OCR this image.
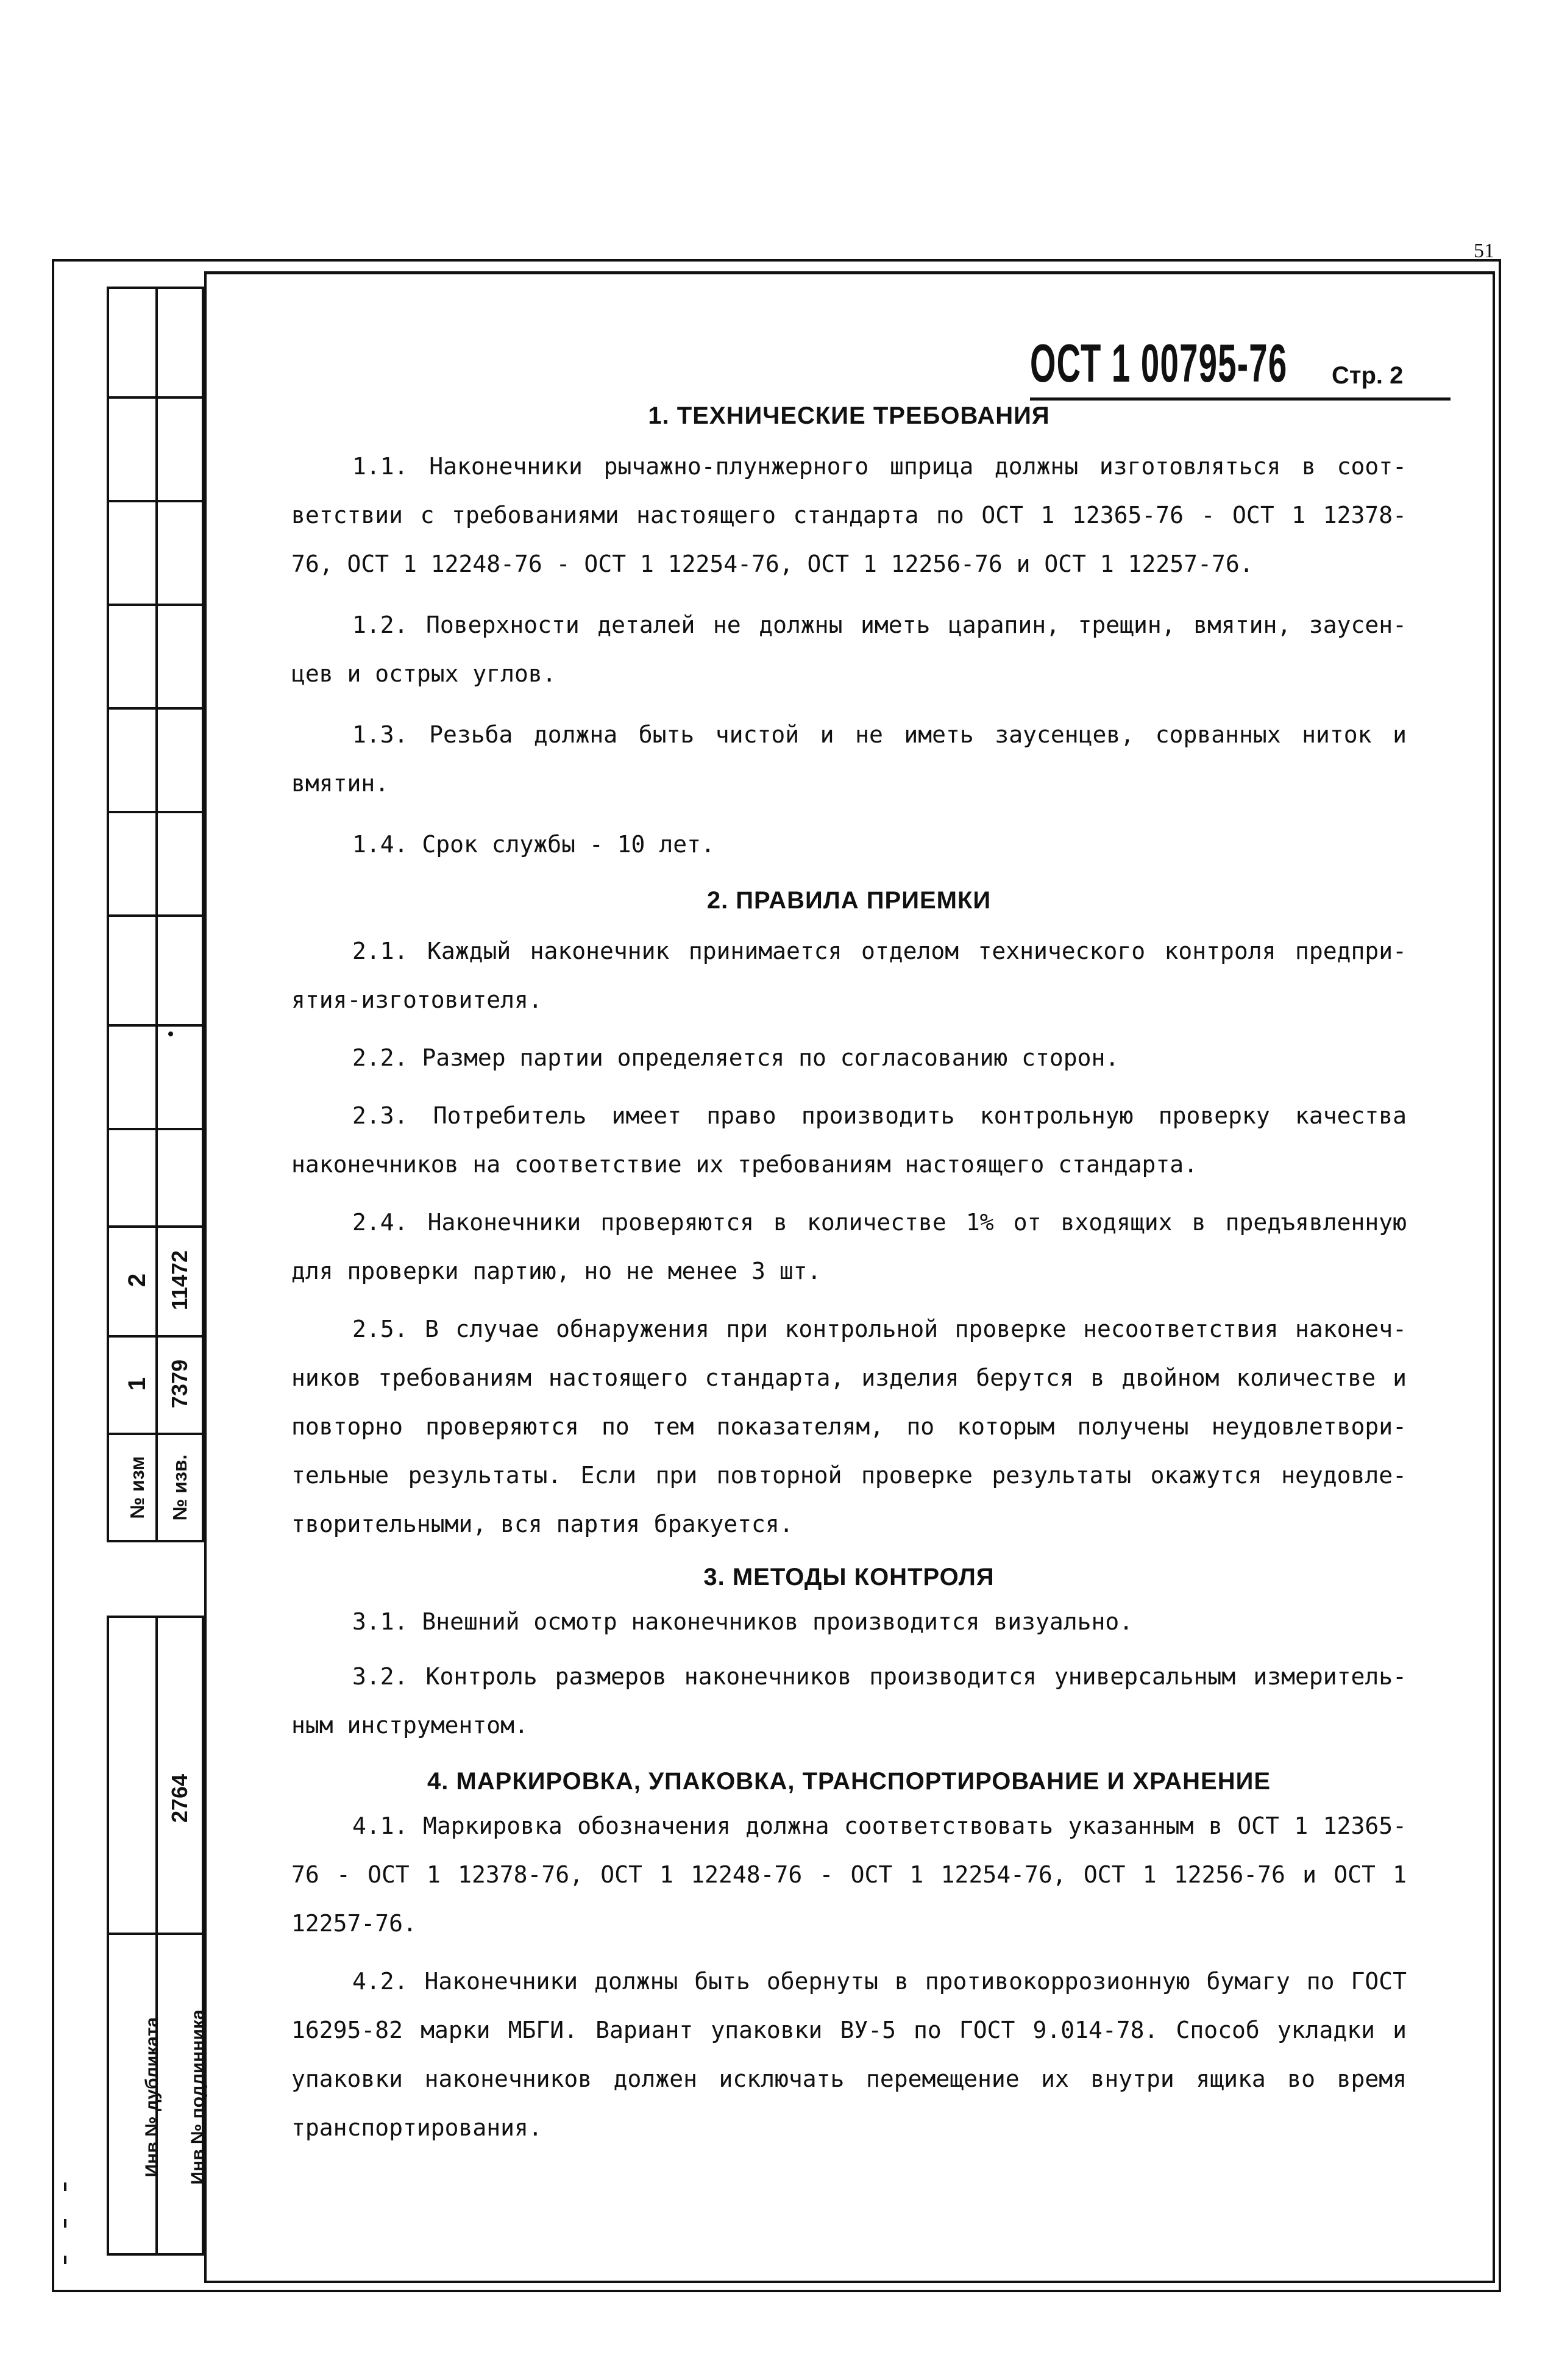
51
ОСТ 1 00795-76 Стр. 2
2 11472
1 7379
№ изм № изв.
2764
Инв № дубликата Инв № подлинника
1. ТЕХНИЧЕСКИЕ ТРЕБОВАНИЯ

1.1. Наконечники рычажно-плунжерного шприца должны изготовляться в соот-ветствии с требованиями настоящего стандарта по ОСТ 1 12365-76 - ОСТ 1 12378-76, ОСТ 1 12248-76 - ОСТ 1 12254-76, ОСТ 1 12256-76 и ОСТ 1 12257-76.

1.2. Поверхности деталей не должны иметь царапин, трещин, вмятин, заусен-цев и острых углов.

1.3. Резьба должна быть чистой и не иметь заусенцев, сорванных ниток и вмятин.

1.4. Срок службы - 10 лет.

2. ПРАВИЛА ПРИЕМКИ

2.1. Каждый наконечник принимается отделом технического контроля предпри-ятия-изготовителя.

2.2. Размер партии определяется по согласованию сторон.

2.3. Потребитель имеет право производить контрольную проверку качества наконечников на соответствие их требованиям настоящего стандарта.

2.4. Наконечники проверяются в количестве 1% от входящих в предъявленную для проверки партию, но не менее 3 шт.

2.5. В случае обнаружения при контрольной проверке несоответствия наконеч-ников требованиям настоящего стандарта, изделия берутся в двойном количестве и повторно проверяются по тем показателям, по которым получены неудовлетвори-тельные результаты. Если при повторной проверке результаты окажутся неудовле-творительными, вся партия бракуется.

3. МЕТОДЫ КОНТРОЛЯ

3.1. Внешний осмотр наконечников производится визуально.

3.2. Контроль размеров наконечников производится универсальным измеритель-ным инструментом.

4. МАРКИРОВКА, УПАКОВКА, ТРАНСПОРТИРОВАНИЕ И ХРАНЕНИЕ

4.1. Маркировка обозначения должна соответствовать указанным в ОСТ 1 12365-76 - ОСТ 1 12378-76, ОСТ 1 12248-76 - ОСТ 1 12254-76, ОСТ 1 12256-76 и ОСТ 1 12257-76.

4.2. Наконечники должны быть обернуты в противокоррозионную бумагу по ГОСТ 16295-82 марки МБГИ. Вариант упаковки ВУ-5 по ГОСТ 9.014-78. Способ укладки и упаковки наконечников должен исключать перемещение их внутри ящика во время транспортирования.
